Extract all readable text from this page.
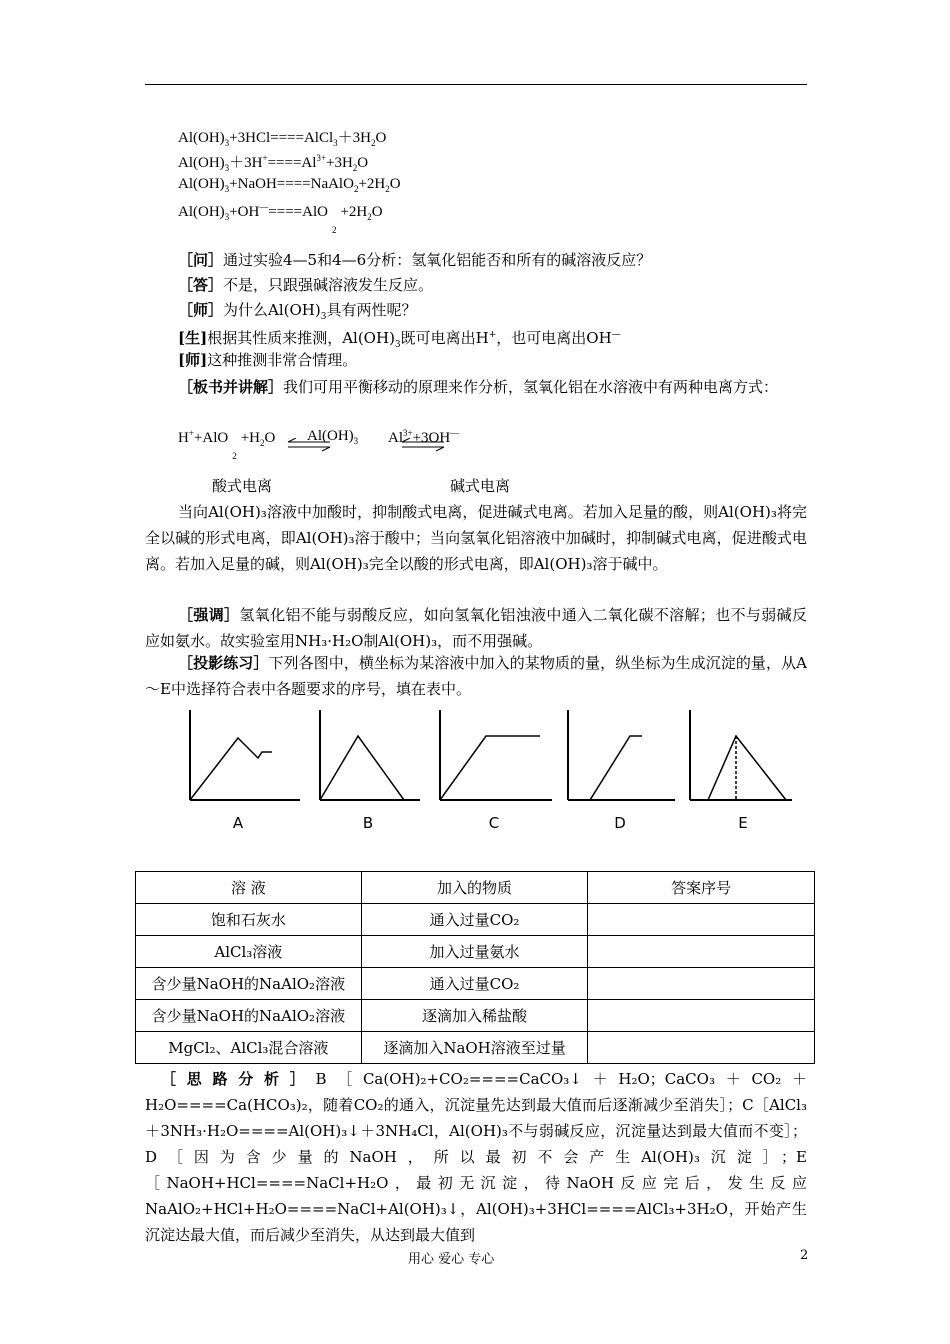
$Al(OH)_3+3HCl====AlCl_3+3H_2O$
$Al(OH)_3+3H^+====Al^{3+}+3H_2O$
$Al(OH)_3+NaOH====NaAlO_2+2H_2O$
$Al(OH)_3+OH^—====AlO_2+2H_2O$
［问］通过实验4—5和4—6分析：氢氧化铝能否和所有的碱溶液反应？
［答］不是，只跟强碱溶液发生反应。
［师］为什么$Al(OH)_3$具有两性呢？
[生]根据其性质来推测，$Al(OH)_3$既可电离出H+，也可电离出OH—
[师]这种推测非常合情理。
［板书并讲解］我们可用平衡移动的原理来作分析，氢氧化铝在水溶液中有两种电离方式：
$H^++AlO_2+H_2O$ $Al(OH)_3$ $Al^{3+}+3OH^—$
酸式电离	碱式电离
当向Al(OH)₃溶液中加酸时，抑制酸式电离，促进碱式电离。若加入足量的酸，则Al(OH)₃将完全以碱的形式电离，即Al(OH)₃溶于酸中；当向氢氧化铝溶液中加碱时，抑制碱式电离，促进酸式电离。若加入足量的碱，则Al(OH)₃完全以酸的形式电离，即Al(OH)₃溶于碱中。
［强调］氢氧化铝不能与弱酸反应，如向氢氧化铝浊液中通入二氧化碳不溶解；也不与弱碱反应如氨水。故实验室用NH₃·H₂O制Al(OH)₃，而不用强碱。
［投影练习］下列各图中，横坐标为某溶液中加入的某物质的量，纵坐标为生成沉淀的量，从A～E中选择符合表中各题要求的序号，填在表中。
A	B	C	D	E
溶 液	加入的物质	答案序号
饱和石灰水	通入过量CO₂	
AlCl₃溶液	加入过量氨水	
含少量NaOH的NaAlO₂溶液	通入过量CO₂	
含少量NaOH的NaAlO₂溶液	逐滴加入稀盐酸	
MgCl₂、AlCl₃混合溶液	逐滴加入NaOH溶液至过量	
［思路分析］B［Ca(OH)₂+CO₂====CaCO₃↓＋H₂O；CaCO₃＋CO₂＋H₂O====Ca(HCO₃)₂，随着CO₂的通入，沉淀量先达到最大值而后逐渐减少至消失］；C［AlCl₃＋3NH₃·H₂O====Al(OH)₃↓＋3NH₄Cl，Al(OH)₃不与弱碱反应，沉淀量达到最大值而不变］；D［因为含少量的NaOH，所以最初不会产生Al(OH)₃沉淀］；E［NaOH+HCl====NaCl+H₂O，最初无沉淀，待NaOH反应完后，发生反应NaAlO₂+HCl+H₂O====NaCl+Al(OH)₃↓，Al(OH)₃+3HCl====AlCl₃+3H₂O，开始产生沉淀达最大值，而后减少至消失，从达到最大值到
用心 爱心 专心	2
